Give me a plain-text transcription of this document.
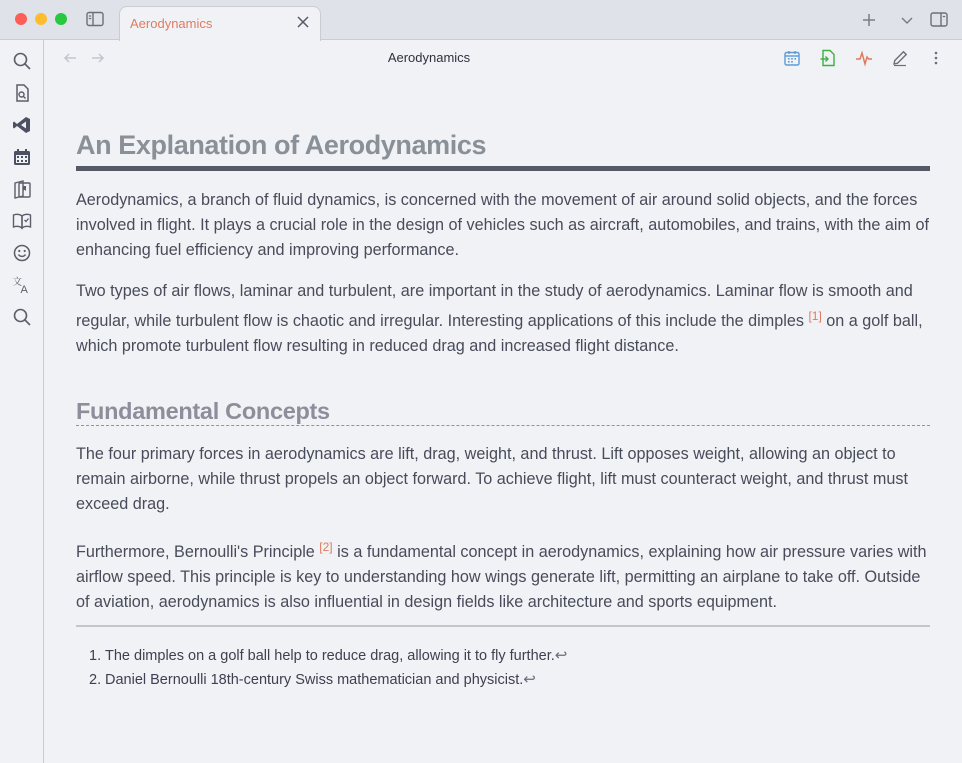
Aerodynamics
文
A
Aerodynamics
An Explanation of Aerodynamics

Aerodynamics, a branch of fluid dynamics, is concerned with the movement of air around solid objects, and the forces involved in flight. It plays a crucial role in the design of vehicles such as aircraft, automobiles, and trains, with the aim of enhancing fuel efficiency and improving performance.

Two types of air flows, laminar and turbulent, are important in the study of aerodynamics. Laminar flow is smooth and regular, while turbulent flow is chaotic and irregular. Interesting applications of this include the dimples [1] on a golf ball, which promote turbulent flow resulting in reduced drag and increased flight distance.

Fundamental Concepts

The four primary forces in aerodynamics are lift, drag, weight, and thrust. Lift opposes weight, allowing an object to remain airborne, while thrust propels an object forward. To achieve flight, lift must counteract weight, and thrust must exceed drag.

Furthermore, Bernoulli's Principle [2] is a fundamental concept in aerodynamics, explaining how air pressure varies with airflow speed. This principle is key to understanding how wings generate lift, permitting an airplane to take off. Outside of aviation, aerodynamics is also influential in design fields like architecture and sports equipment.

1. The dimples on a golf ball help to reduce drag, allowing it to fly further.↩
2. Daniel Bernoulli 18th-century Swiss mathematician and physicist.↩
